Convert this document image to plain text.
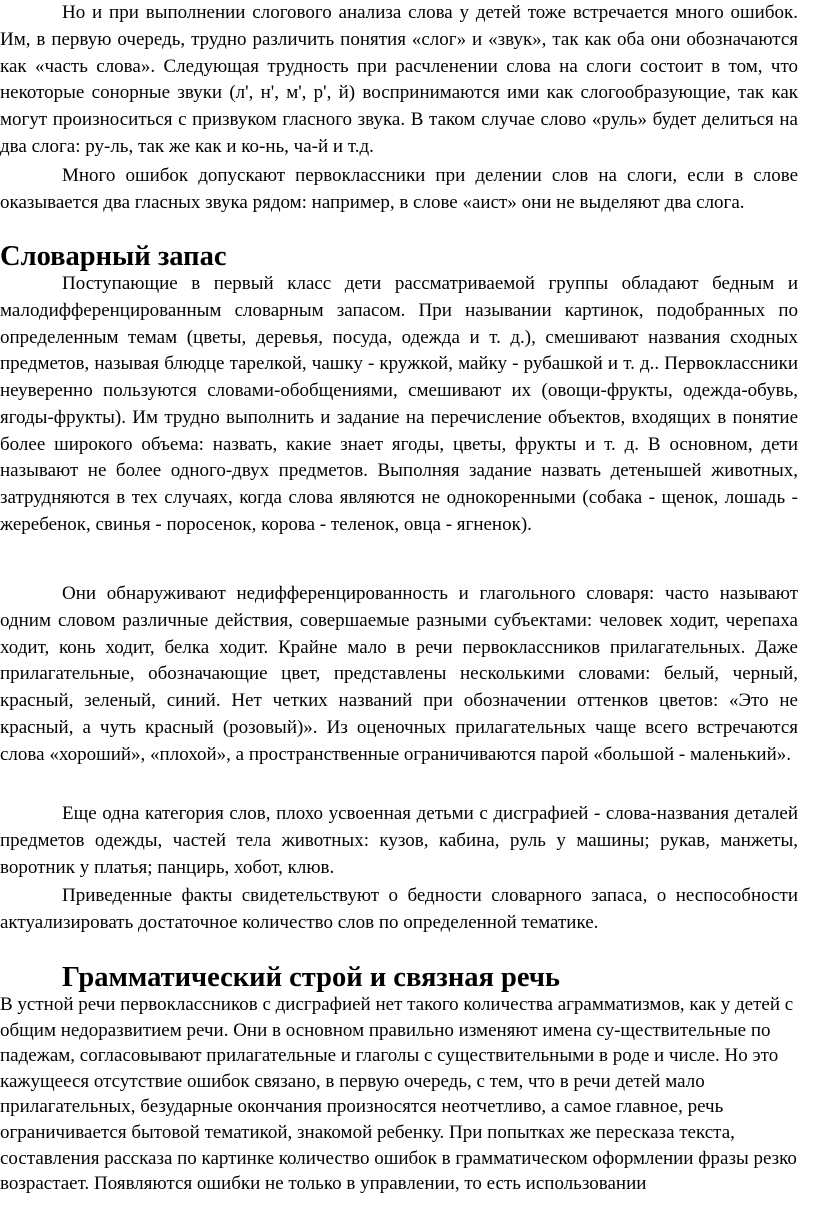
Но и при выполнении слогового анализа слова у детей тоже встречается много ошибок. Им, в первую очередь, трудно различить понятия «слог» и «звук», так как оба они обозначаются как «часть слова». Следующая трудность при расчленении слова на слоги состоит в том, что некоторые сонорные звуки (л', н', м', р', й) воспринимаются ими как слогообразующие, так как могут произноситься с призвуком гласного звука. В таком случае слово «руль» будет делиться на два слога: ру-ль, так же как и ко-нь, ча-й и т.д.

Много ошибок допускают первоклассники при делении слов на слоги, если в слове оказывается два гласных звука рядом: например, в слове «аист» они не выделяют два слога.

Словарный запас

Поступающие в первый класс дети рассматриваемой группы обладают бедным и малодифференцированным словарным запасом. При назывании картинок, подобранных по определенным темам (цветы, деревья, посуда, одежда и т. д.), смешивают названия сходных предметов, называя блюдце тарелкой, чашку - кружкой, майку - рубашкой и т. д.. Первоклассники неуверенно пользуются словами-обобщениями, смешивают их (овощи-фрукты, одежда-обувь, ягоды-фрукты). Им трудно выполнить и задание на перечисление объектов, входящих в понятие более широкого объема: назвать, какие знает ягоды, цветы, фрукты и т. д. В основном, дети называют не более одного-двух предметов. Выполняя задание назвать детенышей животных, затрудняются в тех случаях, когда слова являются не однокоренными (собака - щенок, лошадь - жеребенок, свинья - поросенок, корова - теленок, овца - ягненок).

Они обнаруживают недифференцированность и глагольного словаря: часто называют одним словом различные действия, совершаемые разными субъектами: человек ходит, черепаха ходит, конь ходит, белка ходит. Крайне мало в речи первоклассников прилагательных. Даже прилагательные, обозначающие цвет, представлены несколькими словами: белый, черный, красный, зеленый, синий. Нет четких названий при обозначении оттенков цветов: «Это не красный, а чуть красный (розовый)». Из оценочных прилагательных чаще всего встречаются слова «хороший», «плохой», а пространственные ограничиваются парой «большой - маленький».

Еще одна категория слов, плохо усвоенная детьми с дисграфией - слова-названия деталей предметов одежды, частей тела животных: кузов, кабина, руль у машины; рукав, манжеты, воротник у платья; панцирь, хобот, клюв.

Приведенные факты свидетельствуют о бедности словарного запаса, о неспособности актуализировать достаточное количество слов по определенной тематике.

Грамматический строй и связная речь

В устной речи первоклассников с дисграфией нет такого количества аграмматизмов, как у детей с общим недоразвитием речи. Они в основном правильно изменяют имена су-ществительные по падежам, согласовывают прилагательные и глаголы с существительными в роде и числе. Но это кажущееся отсутствие ошибок связано, в первую очередь, с тем, что в речи детей мало прилагательных, безударные окончания произносятся неотчетливо, а самое главное, речь ограничивается бытовой тематикой, знакомой ребенку. При попытках же пересказа текста, составления рассказа по картинке количество ошибок в грамматическом оформлении фразы резко возрастает. Появляются ошибки не только в управлении, то есть использовании
